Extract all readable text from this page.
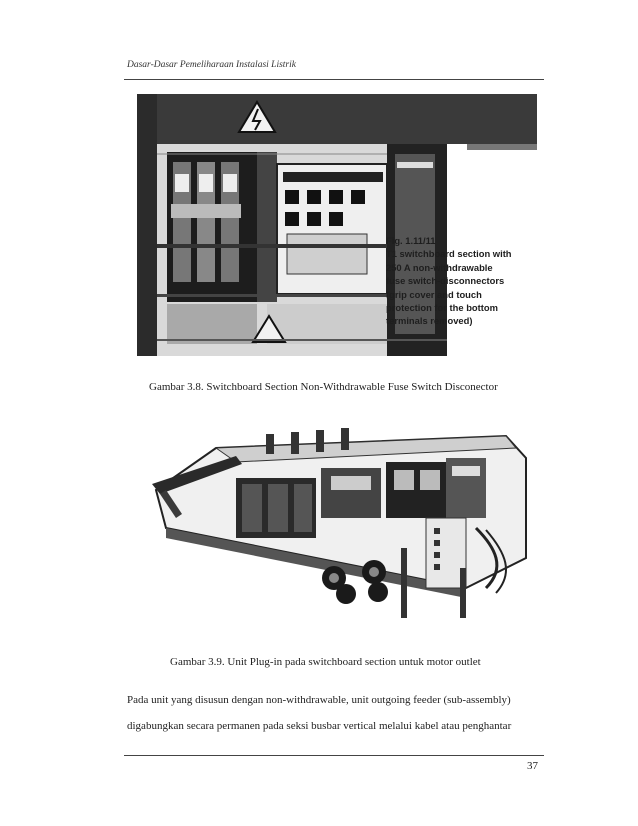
Dasar-Dasar Pemeliharaan Instalasi Listrik
Fig. 1.11/11
T1 switchboard section with
250 A non-withdrawable
fuse switch-disconnectors
(grip cover and touch
protection for the bottom
terminals removed)
Gambar 3.8. Switchboard Section Non-Withdrawable Fuse Switch Disconector
Gambar 3.9. Unit Plug-in pada switchboard section untuk motor outlet
Pada unit yang disusun dengan non-withdrawable, unit outgoing feeder (sub-assembly)
digabungkan secara permanen pada seksi busbar vertical melalui kabel atau penghantar
37
